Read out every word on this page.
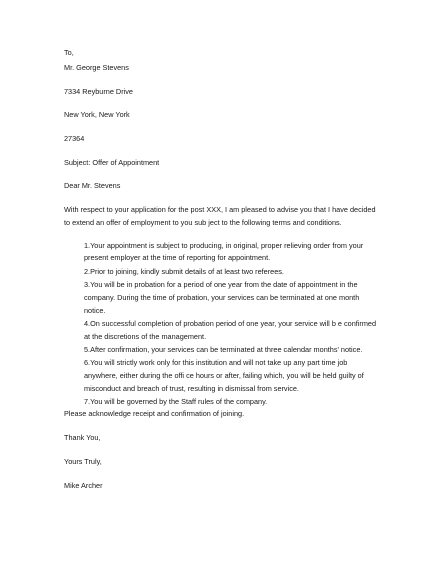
To,
Mr. George Stevens
7334 Reyburne Drive
New York, New York
27364
Subject: Offer of Appointment
Dear Mr. Stevens
With respect to your application for the post XXX, I am pleased to advise you that I have decided
to extend an offer of employment to you sub ject to the following terms and conditions.
1.Your appointment is subject to producing, in original, proper relieving order from your
present employer at the time of reporting for appointment.
2.Prior to joining, kindly submit details of at least two referees.
3.You will be in probation for a period of one year from the date of appointment in the
company. During the time of probation, your services can be terminated at one month
notice.
4.On successful completion of probation period of one year, your service will b e confirmed
at the discretions of the management.
5.After confirmation, your services can be terminated at three calendar months' notice.
6.You will strictly work only for this institution and will not take up any part time job
anywhere, either during the offi ce hours or after, failing which, you will be held guilty of
misconduct and breach of trust, resulting in dismissal from service.
7.You will be governed by the Staff rules of the company.
Please acknowledge receipt and confirmation of joining.
Thank You,
Yours Truly,
Mike Archer
